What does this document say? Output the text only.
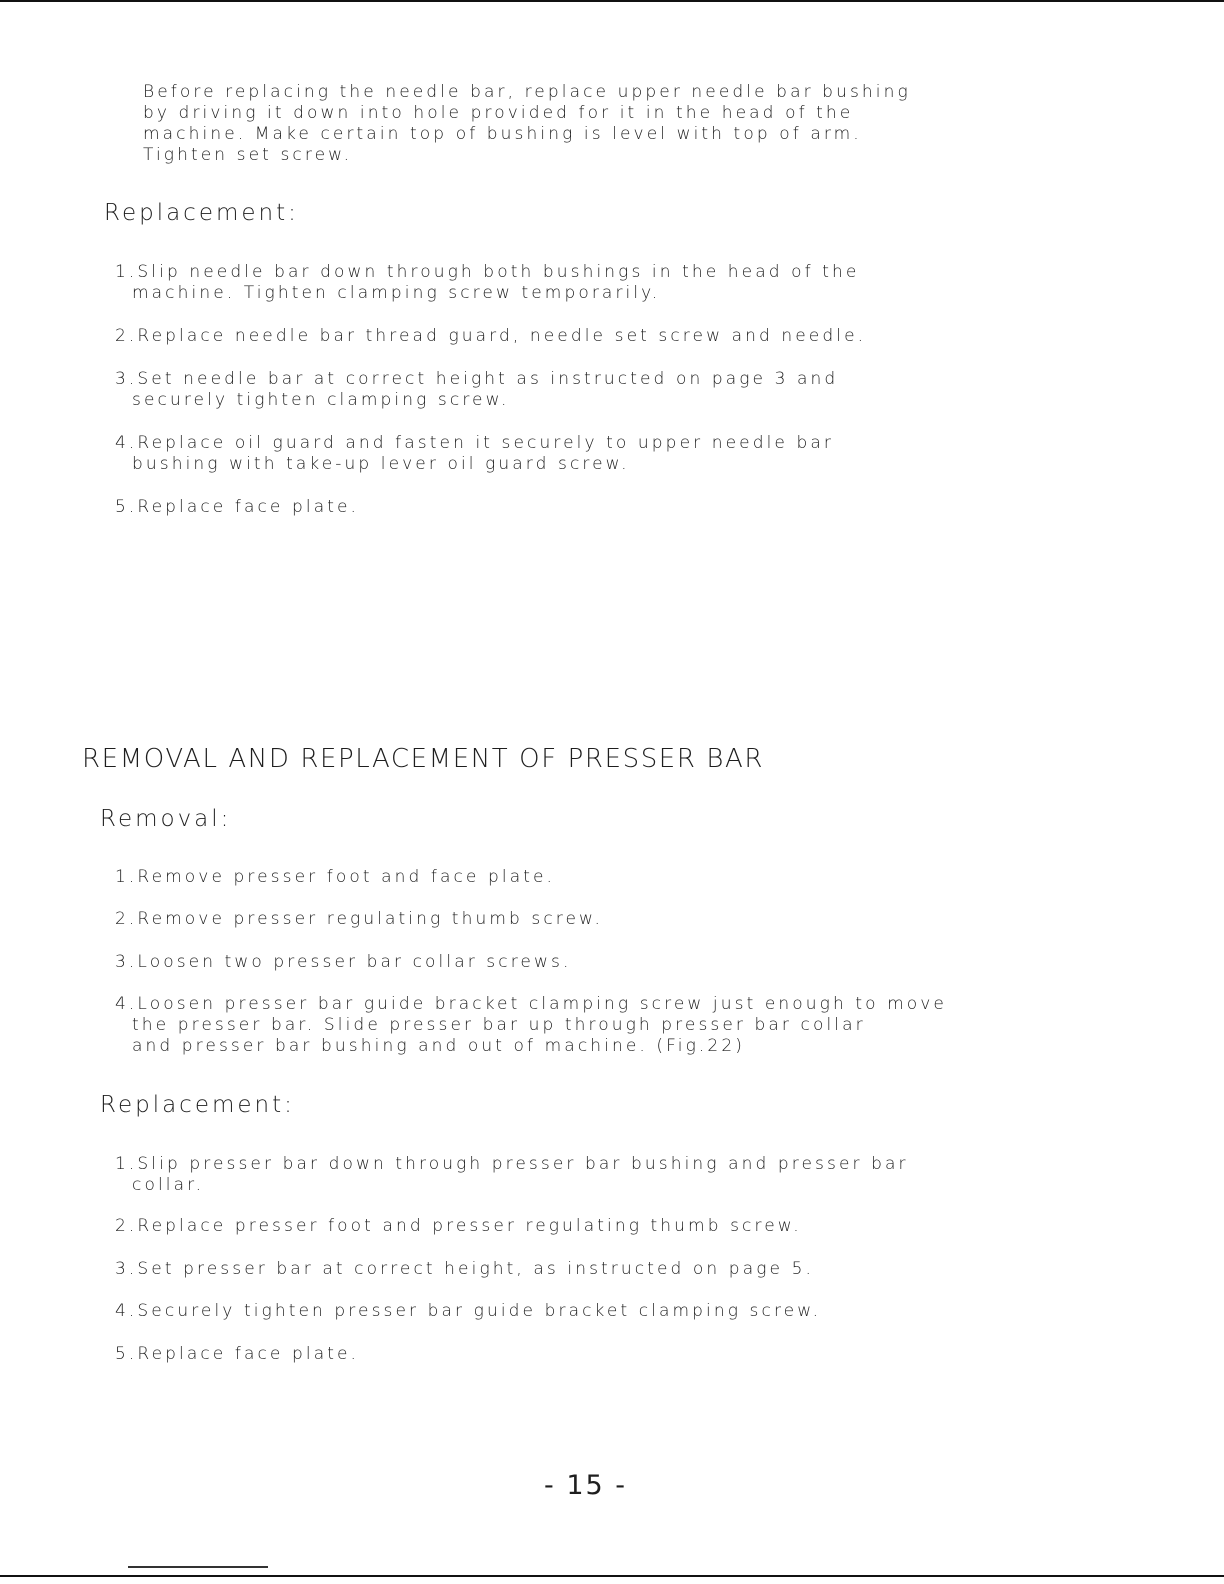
Before replacing the needle bar, replace upper needle bar bushing
by driving it down into hole provided for it in the head of the
machine. Make certain top of bushing is level with top of arm.
Tighten set screw.

Replacement:

1.Slip needle bar down through both bushings in the head of the
machine. Tighten clamping screw temporarily.

2.Replace needle bar thread guard, needle set screw and needle.

3.Set needle bar at correct height as instructed on page 3 and
securely tighten clamping screw.

4.Replace oil guard and fasten it securely to upper needle bar
bushing with take-up lever oil guard screw.

5.Replace face plate.

REMOVAL AND REPLACEMENT OF PRESSER BAR

Removal:

1.Remove presser foot and face plate.

2.Remove presser regulating thumb screw.

3.Loosen two presser bar collar screws.

4.Loosen presser bar guide bracket clamping screw just enough to move
the presser bar. Slide presser bar up through presser bar collar
and presser bar bushing and out of machine. (Fig.22)

Replacement:

1.Slip presser bar down through presser bar bushing and presser bar
collar.

2.Replace presser foot and presser regulating thumb screw.

3.Set presser bar at correct height, as instructed on page 5.

4.Securely tighten presser bar guide bracket clamping screw.

5.Replace face plate.

- 15 -
